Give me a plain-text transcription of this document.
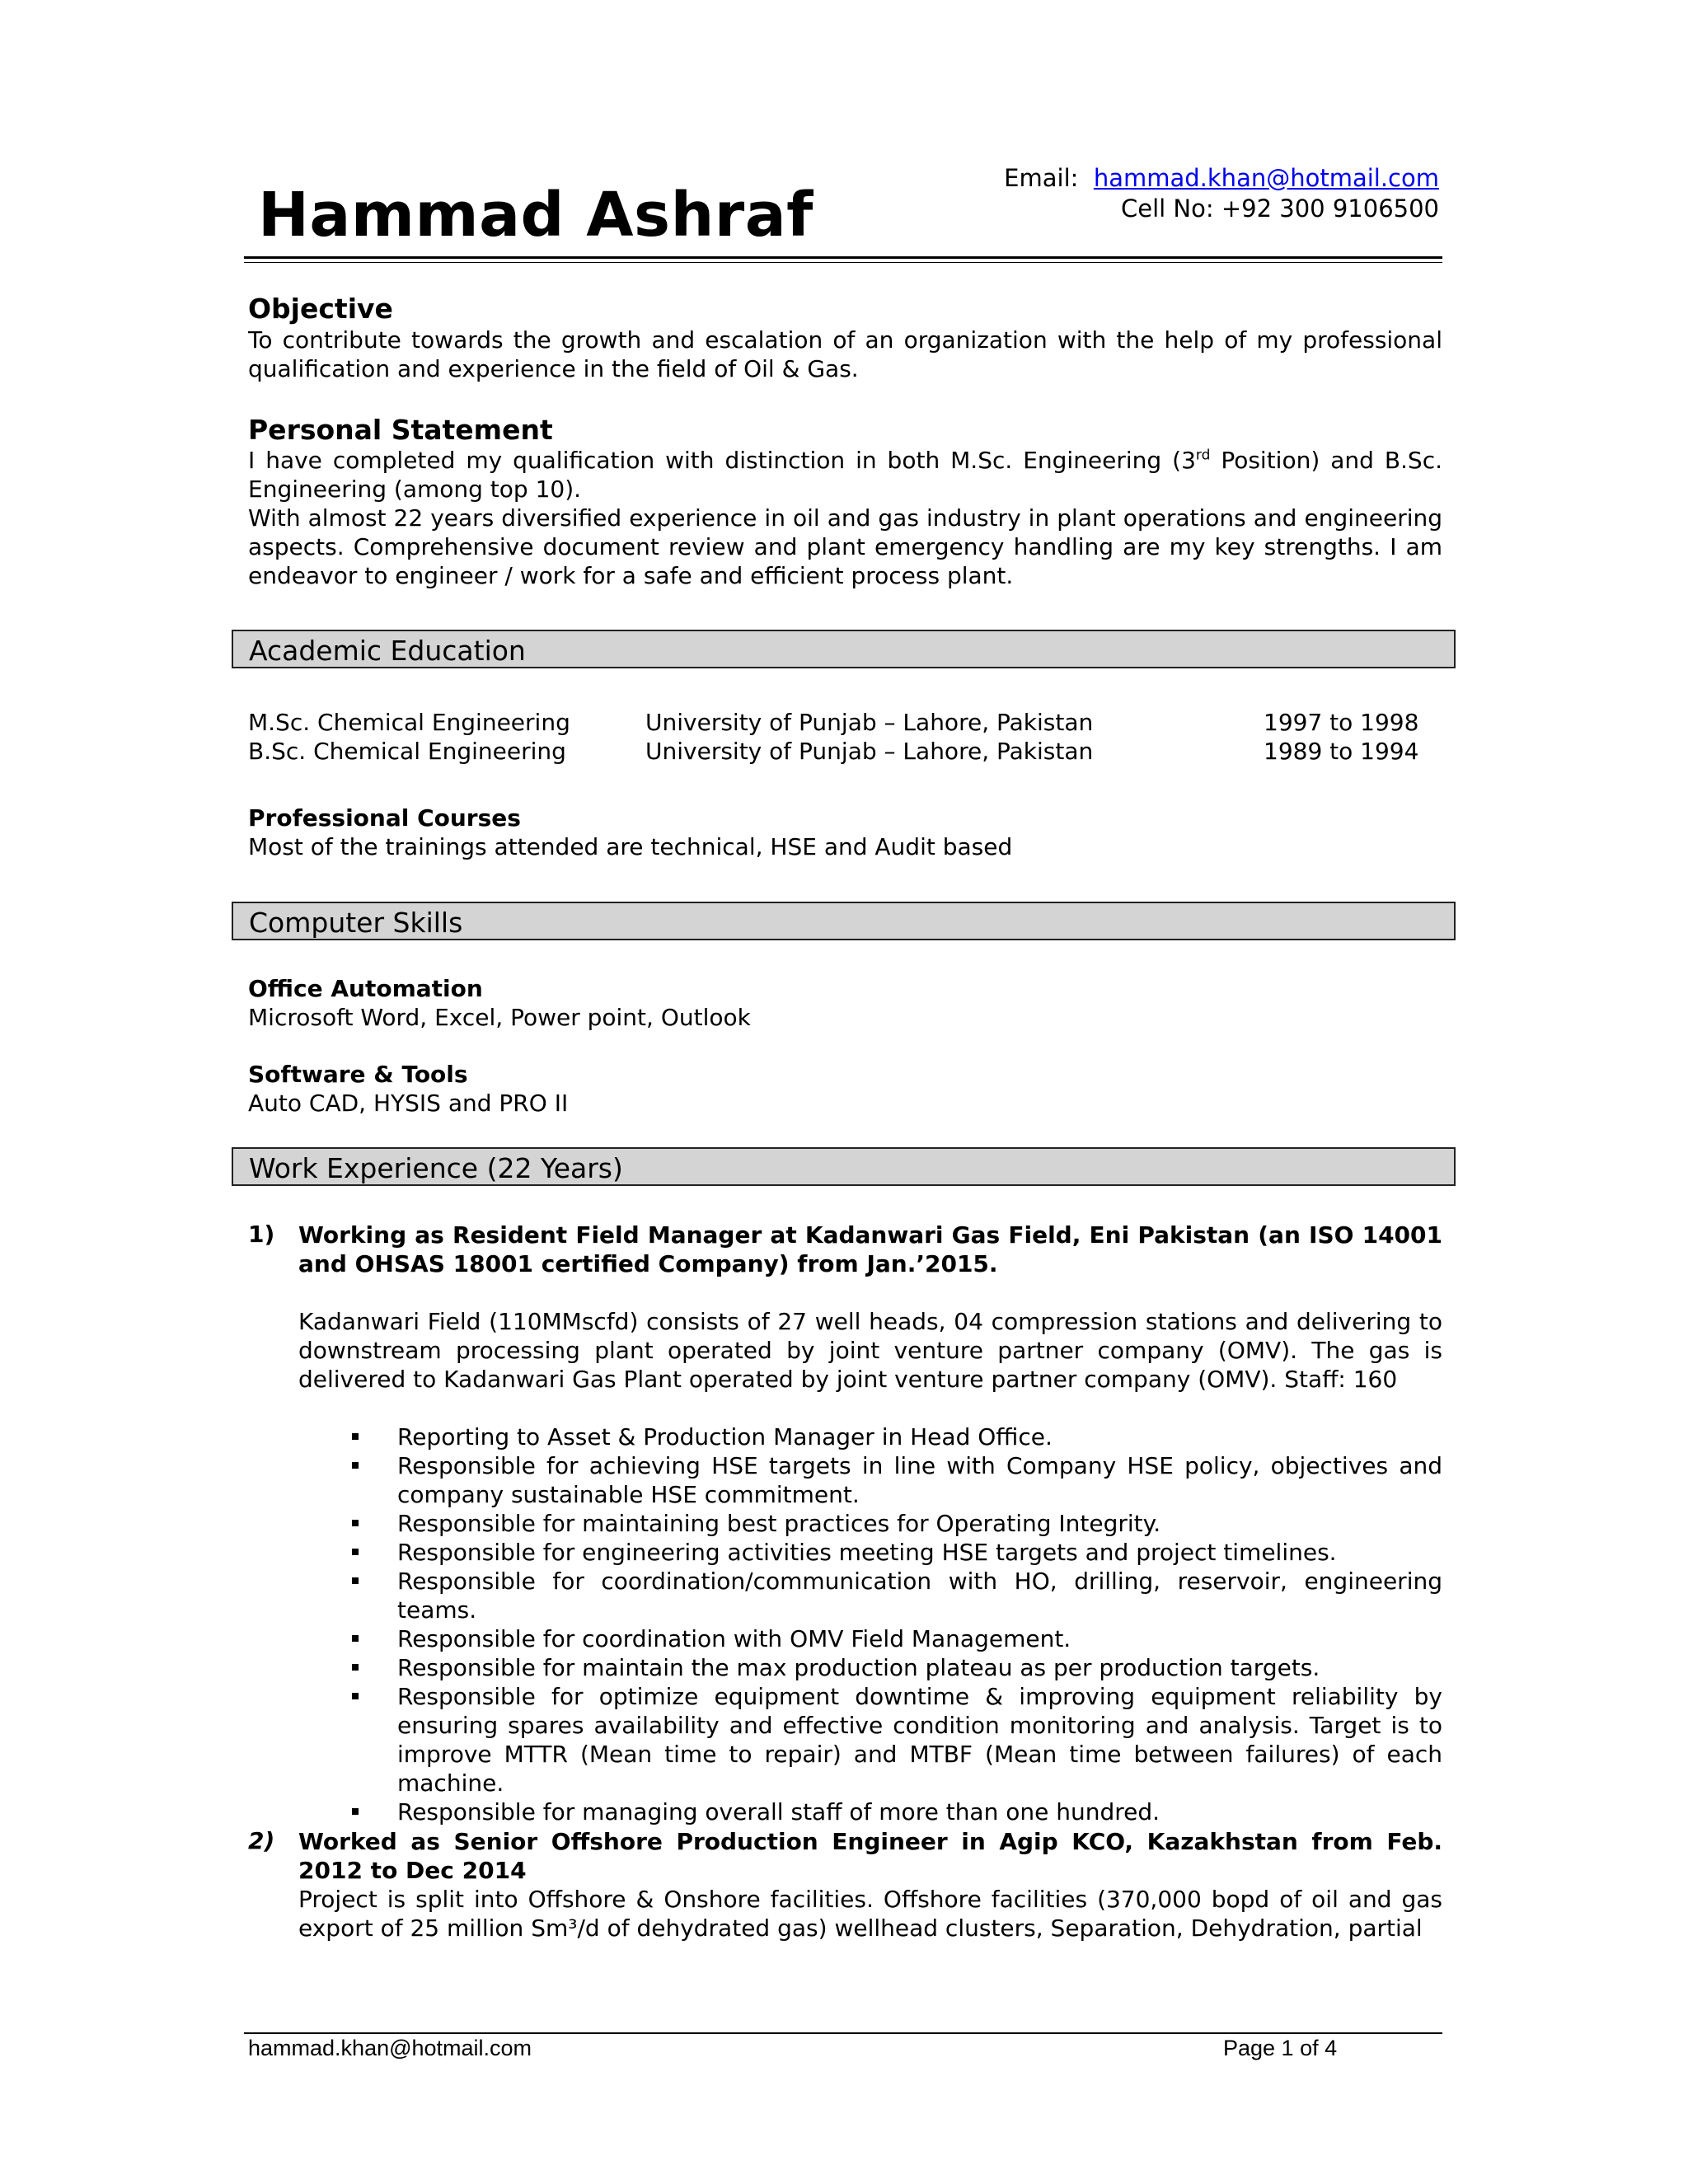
Hammad Ashraf
Email: hammad.khan@hotmail.com
Cell No: +92 300 9106500
Objective
To contribute towards the growth and escalation of an organization with the help of my professional qualification and experience in the field of Oil & Gas.
Personal Statement
I have completed my qualification with distinction in both M.Sc. Engineering (3rd Position) and B.Sc. Engineering (among top 10).
With almost 22 years diversified experience in oil and gas industry in plant operations and engineering aspects. Comprehensive document review and plant emergency handling are my key strengths. I am endeavor to engineer / work for a safe and efficient process plant.
Academic Education
M.Sc. Chemical Engineering	University of Punjab – Lahore, Pakistan	1997 to 1998
B.Sc. Chemical Engineering	University of Punjab – Lahore, Pakistan	1989 to 1994
Professional Courses
Most of the trainings attended are technical, HSE and Audit based
Computer Skills
Office Automation
Microsoft Word, Excel, Power point, Outlook
Software & Tools
Auto CAD, HYSIS and PRO II
Work Experience (22 Years)
1) Working as Resident Field Manager at Kadanwari Gas Field, Eni Pakistan (an ISO 14001 and OHSAS 18001 certified Company) from Jan.’2015.
Kadanwari Field (110MMscfd) consists of 27 well heads, 04 compression stations and delivering to downstream processing plant operated by joint venture partner company (OMV). The gas is delivered to Kadanwari Gas Plant operated by joint venture partner company (OMV). Staff: 160
Reporting to Asset & Production Manager in Head Office.
Responsible for achieving HSE targets in line with Company HSE policy, objectives and company sustainable HSE commitment.
Responsible for maintaining best practices for Operating Integrity.
Responsible for engineering activities meeting HSE targets and project timelines.
Responsible for coordination/communication with HO, drilling, reservoir, engineering teams.
Responsible for coordination with OMV Field Management.
Responsible for maintain the max production plateau as per production targets.
Responsible for optimize equipment downtime & improving equipment reliability by ensuring spares availability and effective condition monitoring and analysis. Target is to improve MTTR (Mean time to repair) and MTBF (Mean time between failures) of each machine.
Responsible for managing overall staff of more than one hundred.
2) Worked as Senior Offshore Production Engineer in Agip KCO, Kazakhstan from Feb. 2012 to Dec 2014
Project is split into Offshore & Onshore facilities. Offshore facilities (370,000 bopd of oil and gas export of 25 million Sm³/d of dehydrated gas) wellhead clusters, Separation, Dehydration, partial
hammad.khan@hotmail.com	Page 1 of 4
